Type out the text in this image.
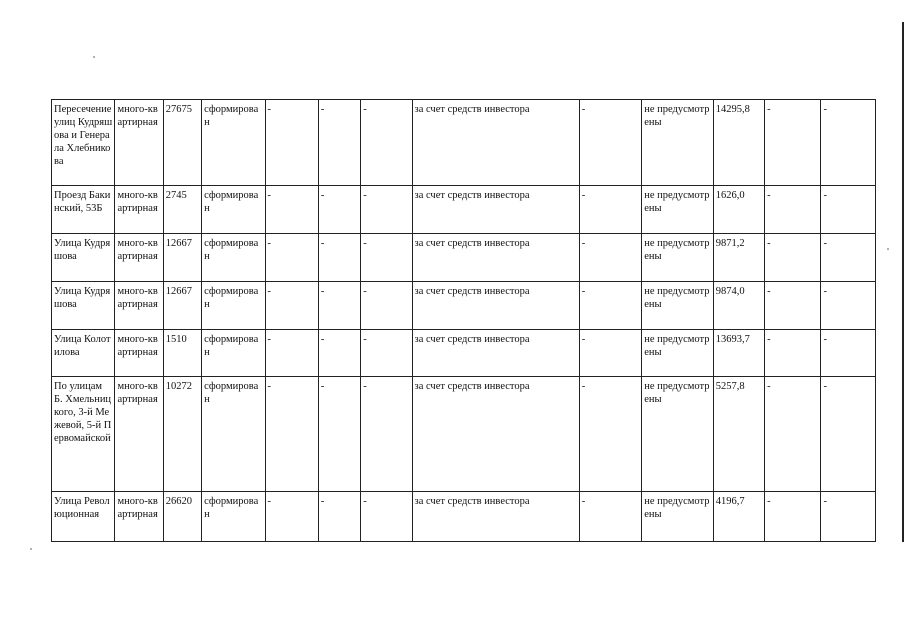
Пересечение улиц Кудряшова и Генерала Хлебникова	много-квартирная	27675	сформирован	-	-	-	за счет средств инвестора	-	не предусмотрены	14295,8	-	-
Проезд Бакинский, 53Б	много-квартирная	2745	сформирован	-	-	-	за счет средств инвестора	-	не предусмотрены	1626,0	-	-
Улица Кудряшова	много-квартирная	12667	сформирован	-	-	-	за счет средств инвестора	-	не предусмотрены	9871,2	-	-
Улица Кудряшова	много-квартирная	12667	сформирован	-	-	-	за счет средств инвестора	-	не предусмотрены	9874,0	-	-
Улица Колотилова	много-квартирная	1510	сформирован	-	-	-	за счет средств инвестора	-	не предусмотрены	13693,7	-	-
По улицам Б. Хмельницкого, 3-й Межевой, 5-й Первомайской	много-квартирная	10272	сформирован	-	-	-	за счет средств инвестора	-	не предусмотрены	5257,8	-	-
Улица Революционная	много-квартирная	26620	сформирован	-	-	-	за счет средств инвестора	-	не предусмотрены	4196,7	-	-
